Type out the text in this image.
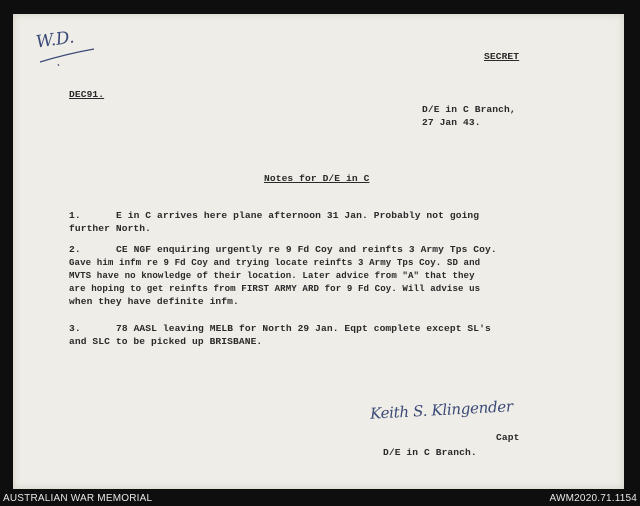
W.D.
SECRET
DEC91.
D/E in C Branch,
27 Jan 43.
Notes for D/E in C
1.	E in C arrives here plane afternoon 31 Jan. Probably not going
further North.
2.	CE NGF enquiring urgently re 9 Fd Coy and reinfts 3 Army Tps Coy.
Gave him infm re 9 Fd Coy and trying locate reinfts 3 Army Tps Coy. SD and
MVTS have no knowledge of their location. Later advice from "A" that they
are hoping to get reinfts from FIRST ARMY ARD for 9 Fd Coy. Will advise us
when they have definite infm.
3.	78 AASL leaving MELB for North 29 Jan. Eqpt complete except SL's
and SLC to be picked up BRISBANE.
Keith S. Klingender
Capt
D/E in C Branch.
AUSTRALIAN WAR MEMORIAL	AWM2020.71.1154
